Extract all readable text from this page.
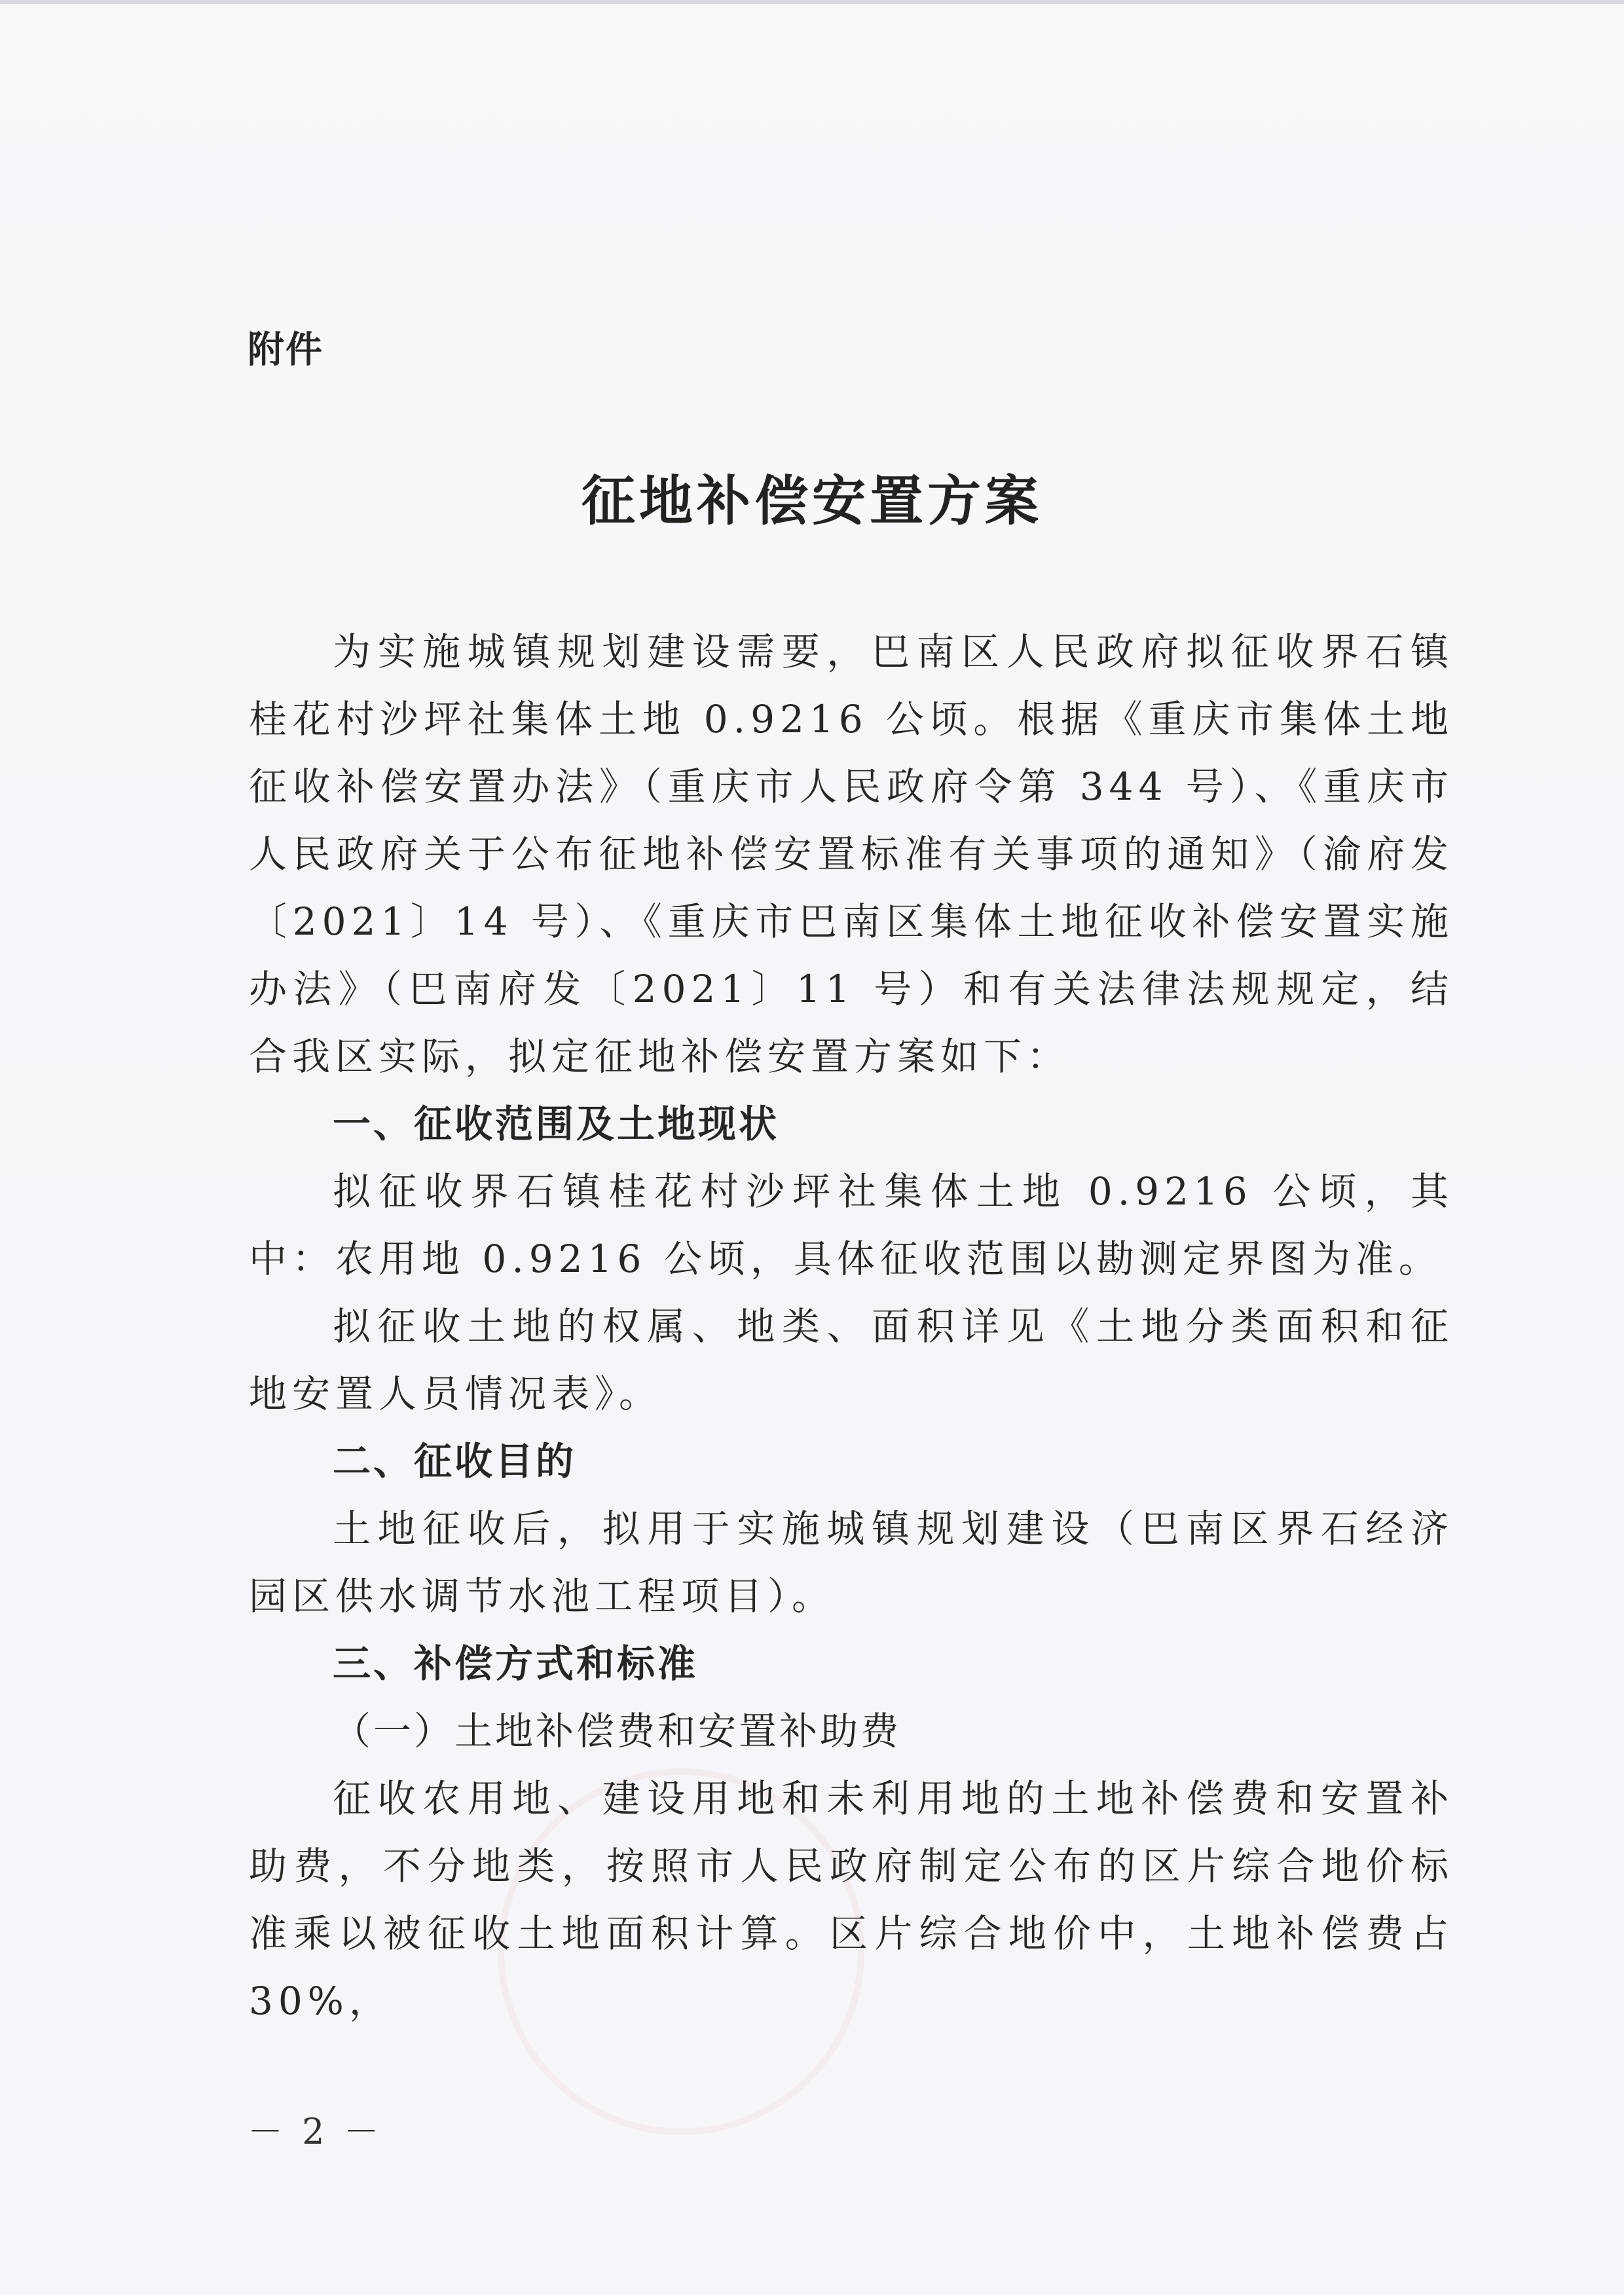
附件
征地补偿安置方案

为实施城镇规划建设需要，巴南区人民政府拟征收界石镇桂花村沙坪社集体土地 0.9216 公顷。根据《重庆市集体土地征收补偿安置办法》（重庆市人民政府令第 344 号）、《重庆市人民政府关于公布征地补偿安置标准有关事项的通知》（渝府发〔2021〕14 号）、《重庆市巴南区集体土地征收补偿安置实施办法》（巴南府发〔2021〕11 号）和有关法律法规规定，结合我区实际，拟定征地补偿安置方案如下：

一、征收范围及土地现状

拟征收界石镇桂花村沙坪社集体土地 0.9216 公顷，其中：农用地 0.9216 公顷，具体征收范围以勘测定界图为准。

拟征收土地的权属、地类、面积详见《土地分类面积和征地安置人员情况表》。

二、征收目的

土地征收后，拟用于实施城镇规划建设（巴南区界石经济园区供水调节水池工程项目）。

三、补偿方式和标准

（一）土地补偿费和安置补助费

征收农用地、建设用地和未利用地的土地补偿费和安置补助费，不分地类，按照市人民政府制定公布的区片综合地价标准乘以被征收土地面积计算。区片综合地价中，土地补偿费占 30%，

－ 2 －
